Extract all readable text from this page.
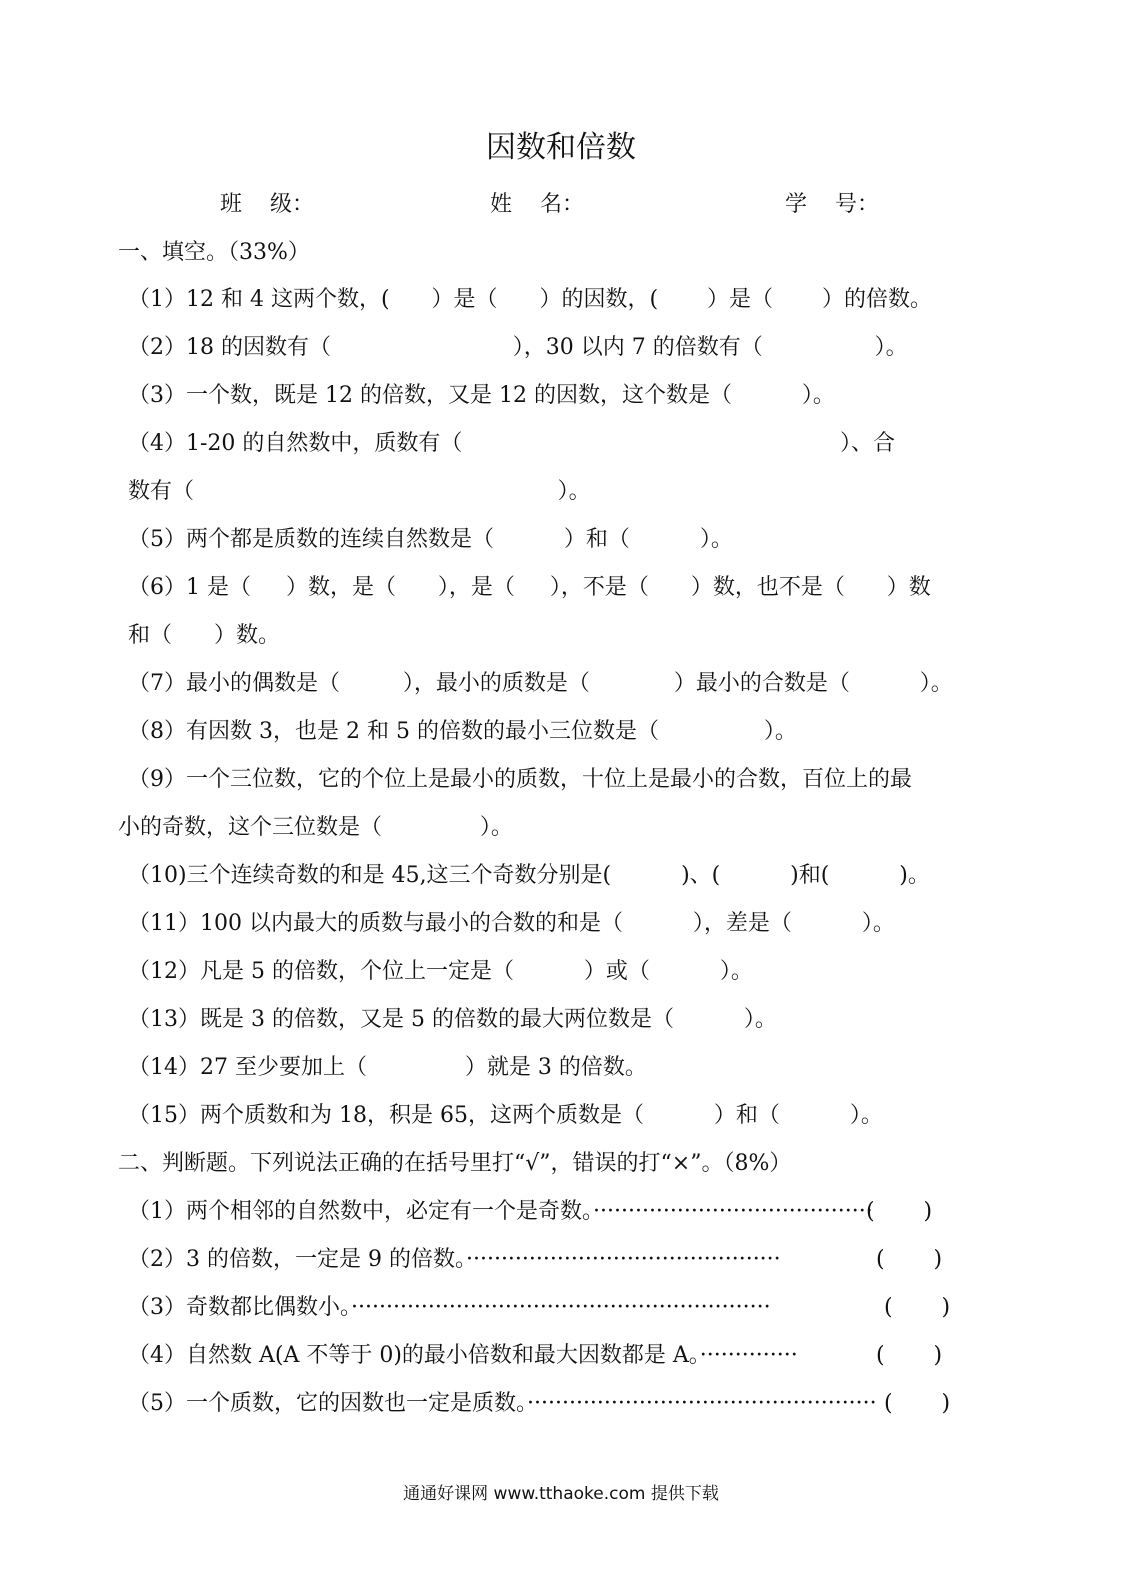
因数和倍数
班    级：	姓    名：	学    号：
一、填空。（33%）
（1）12 和 4 这两个数，(      ）是（      ）的因数，(       ）是（       ）的倍数。
（2）18 的因数有（                          ），30 以内 7 的倍数有（                ）。
（3）一个数，既是 12 的倍数，又是 12 的因数，这个数是（          ）。
（4）1-20 的自然数中，质数有（                                                      ）、合
数有（                                                    ）。
（5）两个都是质数的连续自然数是（          ）和（          ）。
（6）1 是（     ）数，是（      ），是（     ），不是（      ）数，也不是（      ）数
和（      ）数。
（7）最小的偶数是（         ），最小的质数是（            ）最小的合数是（          ）。
（8）有因数 3，也是 2 和 5 的倍数的最小三位数是（               ）。
（9）一个三位数，它的个位上是最小的质数，十位上是最小的合数，百位上的最
小的奇数，这个三位数是（              ）。
（10)三个连续奇数的和是 45,这三个奇数分别是(          )、(          )和(          )。
（11）100 以内最大的质数与最小的合数的和是（          ），差是（          ）。
（12）凡是 5 的倍数，个位上一定是（          ）或（          ）。
（13）既是 3 的倍数，又是 5 的倍数的最大两位数是（          ）。
（14）27 至少要加上（              ）就是 3 的倍数。
（15）两个质数和为 18，积是 65，这两个质数是（          ）和（          ）。
二、判断题。下列说法正确的在括号里打“√”，错误的打“×”。（8%）
（1）两个相邻的自然数中，必定有一个是奇数。········································
(       )
（2）3 的倍数，一定是 9 的倍数。·············································	(       )
（3）奇数都比偶数小。····························································	(       )
（4）自然数 A(A 不等于 0)的最小倍数和最大因数都是 A。··············	(       )
（5）一个质数，它的因数也一定是质数。·················································· (       )
通通好课网 www.tthaoke.com 提供下载
